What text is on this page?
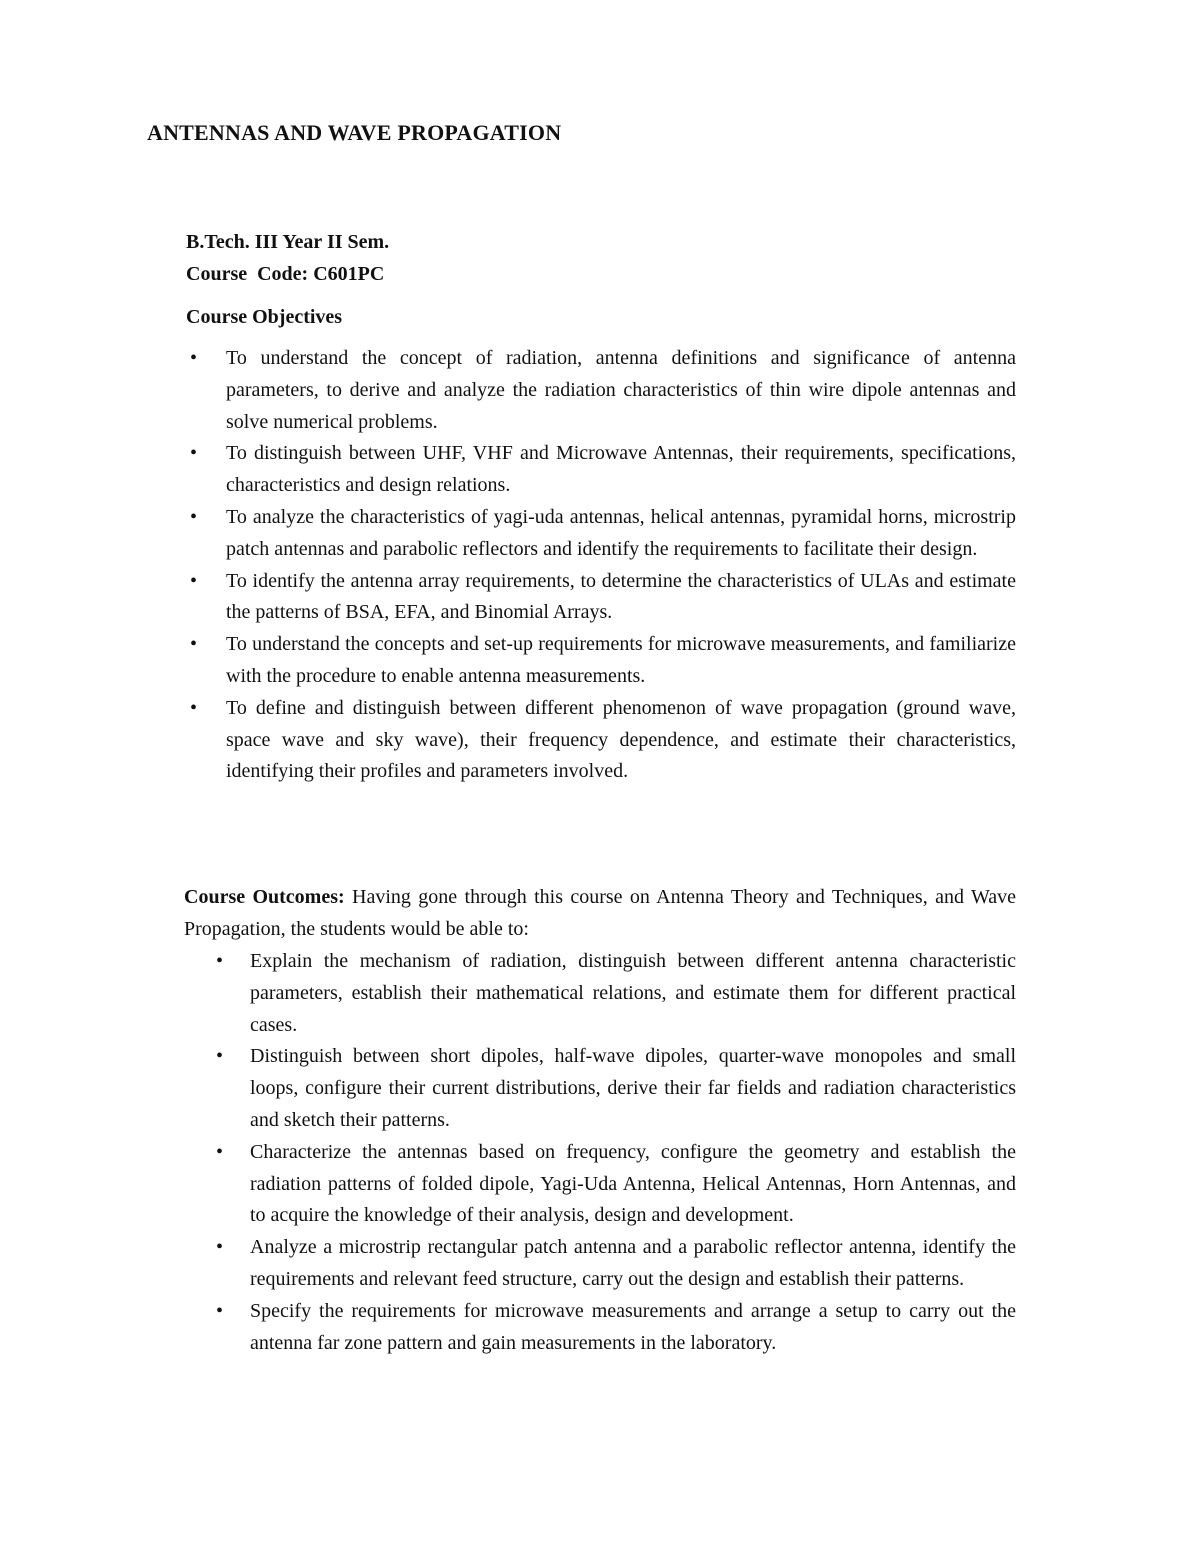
ANTENNAS AND WAVE PROPAGATION
B.Tech. III Year II Sem.
Course  Code: C601PC
Course Objectives
• To understand the concept of radiation, antenna definitions and significance of antenna parameters, to derive and analyze the radiation characteristics of thin wire dipole antennas and solve numerical problems.
• To distinguish between UHF, VHF and Microwave Antennas, their requirements, specifications, characteristics and design relations.
• To analyze the characteristics of yagi-uda antennas, helical antennas, pyramidal horns, microstrip patch antennas and parabolic reflectors and identify the requirements to facilitate their design.
• To identify the antenna array requirements, to determine the characteristics of ULAs and estimate the patterns of BSA, EFA, and Binomial Arrays.
• To understand the concepts and set-up requirements for microwave measurements, and familiarize with the procedure to enable antenna measurements.
• To define and distinguish between different phenomenon of wave propagation (ground wave, space wave and sky wave), their frequency dependence, and estimate their characteristics, identifying their profiles and parameters involved.

Course Outcomes: Having gone through this course on Antenna Theory and Techniques, and Wave Propagation, the students would be able to:

• Explain the mechanism of radiation, distinguish between different antenna characteristic parameters, establish their mathematical relations, and estimate them for different practical cases.
• Distinguish between short dipoles, half-wave dipoles, quarter-wave monopoles and small loops, configure their current distributions, derive their far fields and radiation characteristics and sketch their patterns.
• Characterize the antennas based on frequency, configure the geometry and establish the radiation patterns of folded dipole, Yagi-Uda Antenna, Helical Antennas, Horn Antennas, and to acquire the knowledge of their analysis, design and development.
• Analyze a microstrip rectangular patch antenna and a parabolic reflector antenna, identify the requirements and relevant feed structure, carry out the design and establish their patterns.
• Specify the requirements for microwave measurements and arrange a setup to carry out the antenna far zone pattern and gain measurements in the laboratory.
